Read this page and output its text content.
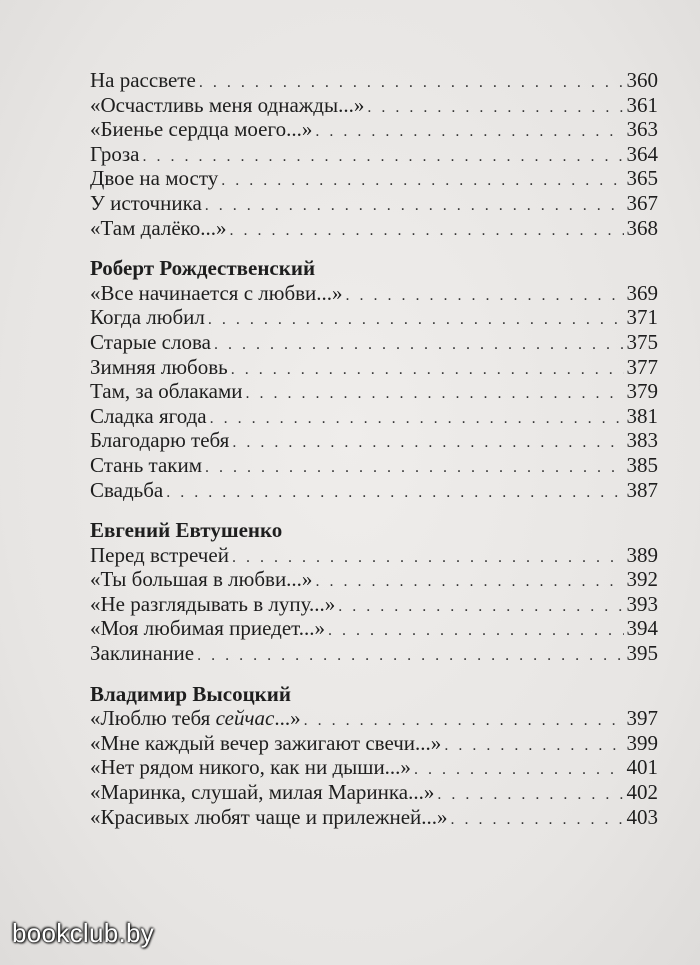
На рассвете . . .	360
«Осчастливь меня однажды...» . . .	361
«Биенье сердца моего...» . . .	363
Гроза . . .	364
Двое на мосту . . .	365
У источника . . .	367
«Там далёко...» . . .	368
Роберт Рождественский
«Все начинается с любви...» . . .	369
Когда любил . . .	371
Старые слова . . .	375
Зимняя любовь . . .	377
Там, за облаками . . .	379
Сладка ягода . . .	381
Благодарю тебя . . .	383
Стань таким . . .	385
Свадьба . . .	387
Евгений Евтушенко
Перед встречей . . .	389
«Ты большая в любви...» . . .	392
«Не разглядывать в лупу...» . . .	393
«Моя любимая приедет...» . . .	394
Заклинание . . .	395
Владимир Высоцкий
«Люблю тебя сейчас...» . . .	397
«Мне каждый вечер зажигают свечи...» . . .	399
«Нет рядом никого, как ни дыши...» . . .	401
«Маринка, слушай, милая Маринка...» . . .	402
«Красивых любят чаще и прилежней...» . . .	403
bookclub.by
